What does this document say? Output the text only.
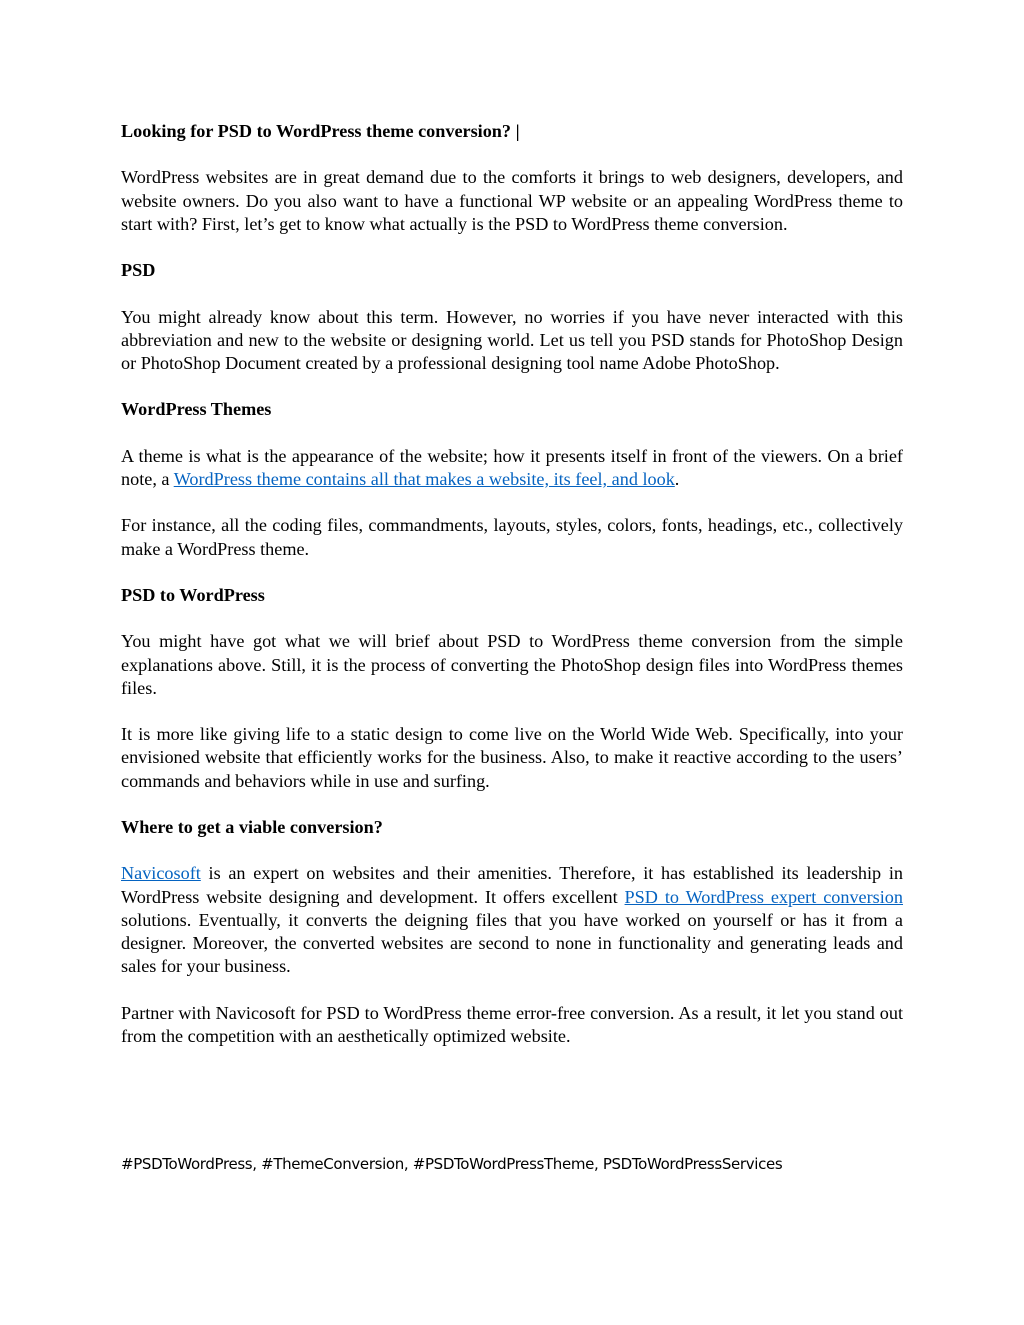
Looking for PSD to WordPress theme conversion? |

WordPress websites are in great demand due to the comforts it brings to web designers, developers, and website owners. Do you also want to have a functional WP website or an appealing WordPress theme to start with? First, let’s get to know what actually is the PSD to WordPress theme conversion.

PSD

You might already know about this term. However, no worries if you have never interacted with this abbreviation and new to the website or designing world. Let us tell you PSD stands for PhotoShop Design or PhotoShop Document created by a professional designing tool name Adobe PhotoShop.

WordPress Themes

A theme is what is the appearance of the website; how it presents itself in front of the viewers. On a brief note, a WordPress theme contains all that makes a website, its feel, and look.

For instance, all the coding files, commandments, layouts, styles, colors, fonts, headings, etc., collectively make a WordPress theme.

PSD to WordPress

You might have got what we will brief about PSD to WordPress theme conversion from the simple explanations above. Still, it is the process of converting the PhotoShop design files into WordPress themes files.

It is more like giving life to a static design to come live on the World Wide Web. Specifically, into your envisioned website that efficiently works for the business. Also, to make it reactive according to the users’ commands and behaviors while in use and surfing.

Where to get a viable conversion?

Navicosoft is an expert on websites and their amenities. Therefore, it has established its leadership in WordPress website designing and development. It offers excellent PSD to WordPress expert conversion solutions. Eventually, it converts the deigning files that you have worked on yourself or has it from a designer. Moreover, the converted websites are second to none in functionality and generating leads and sales for your business.

Partner with Navicosoft for PSD to WordPress theme error-free conversion. As a result, it let you stand out from the competition with an aesthetically optimized website.

#PSDToWordPress, #ThemeConversion, #PSDToWordPressTheme, PSDToWordPressServices
